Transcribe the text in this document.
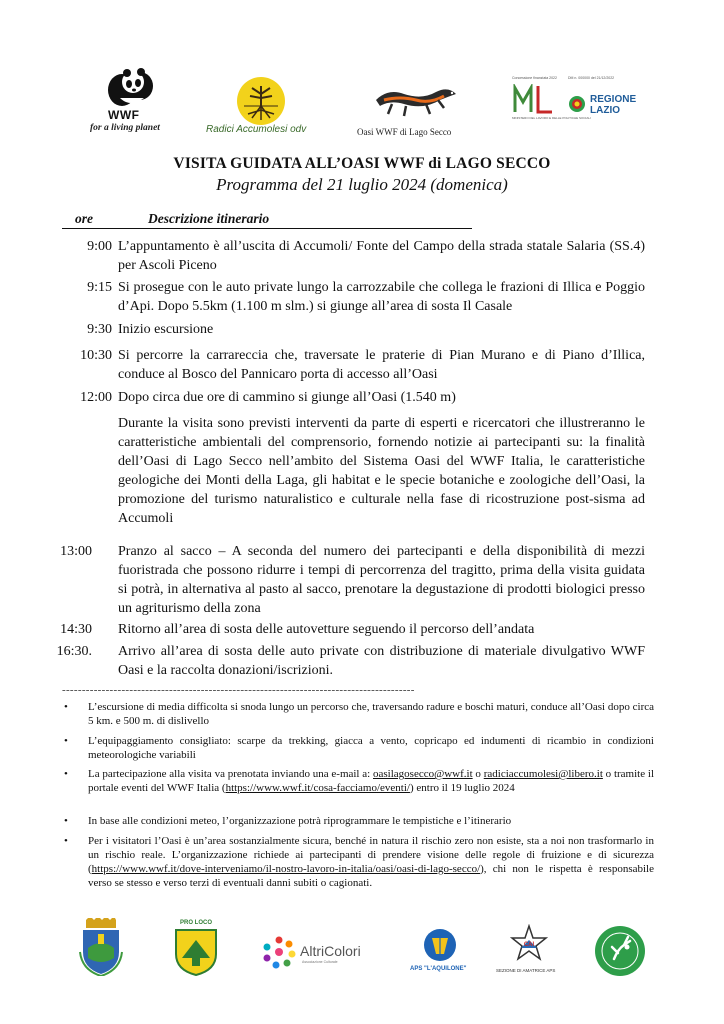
WWF
for a living planet	Radici Accumolesi odv	Oasi WWF di Lago Secco
Concessione finanziata 2022	DM n. 000000 del 21/12/2022
MINISTERO DEL LAVORO E DELLE POLITICHE SOCIALI
REGIONE
LAZIO
VISITA GUIDATA ALL’OASI WWF di LAGO SECCO
Programma del 21 luglio 2024 (domenica)
ore	Descrizione itinerario
9:00 L’appuntamento è all’uscita di Accumoli/ Fonte del Campo della strada statale Salaria (SS.4) per Ascoli Piceno
9:15 Si prosegue con le auto private lungo la carrozzabile che collega le frazioni di Illica e Poggio d’Api. Dopo 5.5km (1.100 m slm.) si giunge all’area di sosta Il Casale
9:30 Inizio escursione
10:30 Si percorre la carrareccia che, traversate le praterie di Pian Murano e di Piano d’Illica, conduce al Bosco del Pannicaro porta di accesso all’Oasi
12:00 Dopo circa due ore di cammino si giunge all’Oasi (1.540 m)
Durante la visita sono previsti interventi da parte di esperti e ricercatori che illustreranno le caratteristiche ambientali del comprensorio, fornendo notizie ai partecipanti su: la finalità dell’Oasi di Lago Secco nell’ambito del Sistema Oasi del WWF Italia, le caratteristiche geologiche dei Monti della Laga, gli habitat e le specie botaniche e zoologiche dell’Oasi, la promozione del turismo naturalistico e culturale nella fase di ricostruzione post-sisma ad Accumoli
13:00 Pranzo al sacco – A seconda del numero dei partecipanti e della disponibilità di mezzi fuoristrada che possono ridurre i tempi di percorrenza del tragitto, prima della visita guidata si potrà, in alternativa al pasto al sacco, prenotare la degustazione di prodotti biologici presso un agriturismo della zona
14:30 Ritorno all’area di sosta delle autovetture seguendo il percorso dell’andata
16:30. Arrivo all’area di sosta delle auto private con distribuzione di materiale divulgativo WWF Oasi e la raccolta donazioni/iscrizioni.
-----------------------------------------------------------------------------------------
• L’escursione di media difficolta si snoda lungo un percorso che, traversando radure e boschi maturi, conduce all’Oasi dopo circa 5 km. e 500 m. di dislivello
• L’equipaggiamento consigliato: scarpe da trekking, giacca a vento, copricapo ed indumenti di ricambio in condizioni meteorologiche variabili
• La partecipazione alla visita va prenotata inviando una e-mail a: oasilagosecco@wwf.it o radiciaccumolesi@libero.it o tramite il portale eventi del WWF Italia (https://www.wwf.it/cosa-facciamo/eventi/) entro il 19 luglio 2024
• In base alle condizioni meteo, l’organizzazione potrà riprogrammare le tempistiche e l’itinerario
• Per i visitatori l’Oasi è un’area sostanzialmente sicura, benché in natura il rischio zero non esiste, sta a noi non trasformarlo in un rischio reale. L’organizzazione richiede ai partecipanti di prendere visione delle regole di fruizione e di sicurezza (https://www.wwf.it/dove-interveniamo/il-nostro-lavoro-in-italia/oasi/oasi-di-lago-secco/), chi non le rispetta è responsabile verso se stesso e verso terzi di eventuali danni subiti o cagionati.
PRO LOCO
AltriColori
Associazione Culturale
APS "L'AQUILONE"
CAI
SEZIONE DI AMATRICE APS
